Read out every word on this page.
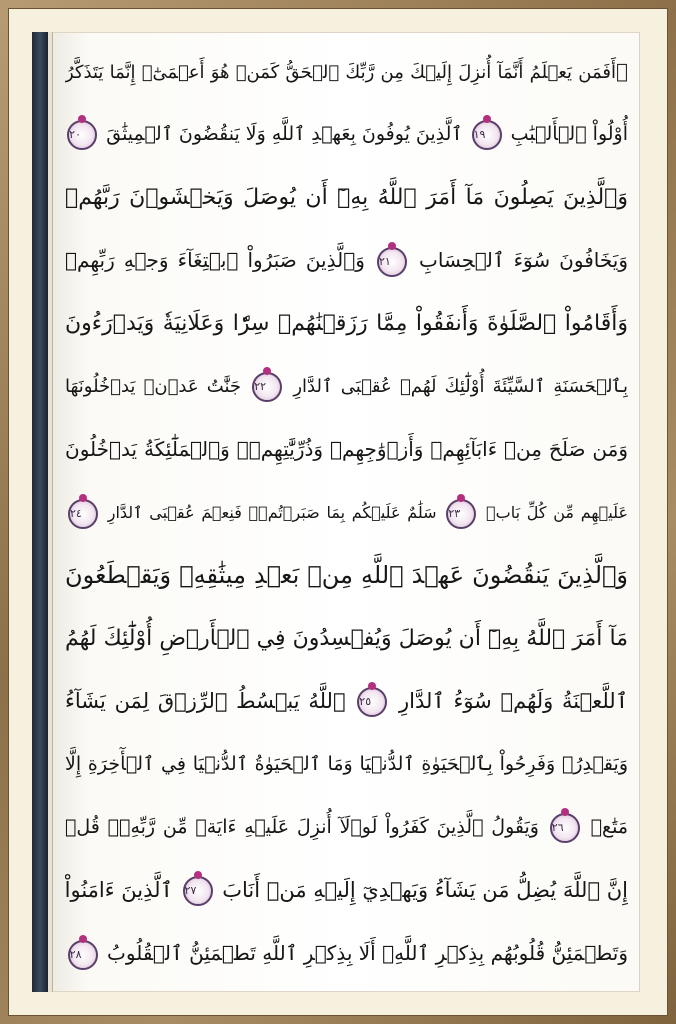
۞أَفَمَن يَعۡلَمُ أَنَّمَآ أُنزِلَ إِلَيۡكَ مِن رَّبِّكَ ٱلۡحَقُّ كَمَنۡ هُوَ أَعۡمَىٰٓۚ إِنَّمَا يَتَذَكَّرُ
أُوْلُواْ ٱلۡأَلۡبَٰبِ
١٩
ٱلَّذِينَ يُوفُونَ بِعَهۡدِ ٱللَّهِ وَلَا يَنقُضُونَ ٱلۡمِيثَٰقَ
٢٠
وَٱلَّذِينَ يَصِلُونَ مَآ أَمَرَ ٱللَّهُ بِهِۦٓ أَن يُوصَلَ وَيَخۡشَوۡنَ رَبَّهُمۡ
وَيَخَافُونَ سُوٓءَ ٱلۡحِسَابِ
٢١
وَٱلَّذِينَ صَبَرُواْ ٱبۡتِغَآءَ وَجۡهِ رَبِّهِمۡ
وَأَقَامُواْ ٱلصَّلَوٰةَ وَأَنفَقُواْ مِمَّا رَزَقۡنَٰهُمۡ سِرّٗا وَعَلَانِيَةٗ وَيَدۡرَءُونَ
بِٱلۡحَسَنَةِ ٱلسَّيِّئَةَ أُوْلَٰٓئِكَ لَهُمۡ عُقۡبَى ٱلدَّارِ
٢٢
جَنَّٰتُ عَدۡنٖ يَدۡخُلُونَهَا
وَمَن صَلَحَ مِنۡ ءَابَآئِهِمۡ وَأَزۡوَٰجِهِمۡ وَذُرِّيَّٰتِهِمۡۖ وَٱلۡمَلَٰٓئِكَةُ يَدۡخُلُونَ
عَلَيۡهِم مِّن كُلِّ بَابٖ
٢٣
سَلَٰمٌ عَلَيۡكُم بِمَا صَبَرۡتُمۡۚ فَنِعۡمَ عُقۡبَى ٱلدَّارِ
٢٤
وَٱلَّذِينَ يَنقُضُونَ عَهۡدَ ٱللَّهِ مِنۢ بَعۡدِ مِيثَٰقِهِۦ وَيَقۡطَعُونَ
مَآ أَمَرَ ٱللَّهُ بِهِۦٓ أَن يُوصَلَ وَيُفۡسِدُونَ فِي ٱلۡأَرۡضِ أُوْلَٰٓئِكَ لَهُمُ
ٱللَّعۡنَةُ وَلَهُمۡ سُوٓءُ ٱلدَّارِ
٢٥
ٱللَّهُ يَبۡسُطُ ٱلرِّزۡقَ لِمَن يَشَآءُ
وَيَقۡدِرُۚ وَفَرِحُواْ بِٱلۡحَيَوٰةِ ٱلدُّنۡيَا وَمَا ٱلۡحَيَوٰةُ ٱلدُّنۡيَا فِي ٱلۡأٓخِرَةِ إِلَّا
مَتَٰعٞ
٢٦
وَيَقُولُ ٱلَّذِينَ كَفَرُواْ لَوۡلَآ أُنزِلَ عَلَيۡهِ ءَايَةٞ مِّن رَّبِّهِۦۚ قُلۡ
إِنَّ ٱللَّهَ يُضِلُّ مَن يَشَآءُ وَيَهۡدِيٓ إِلَيۡهِ مَنۡ أَنَابَ
٢٧
ٱلَّذِينَ ءَامَنُواْ
وَتَطۡمَئِنُّ قُلُوبُهُم بِذِكۡرِ ٱللَّهِۗ أَلَا بِذِكۡرِ ٱللَّهِ تَطۡمَئِنُّ ٱلۡقُلُوبُ
٢٨
